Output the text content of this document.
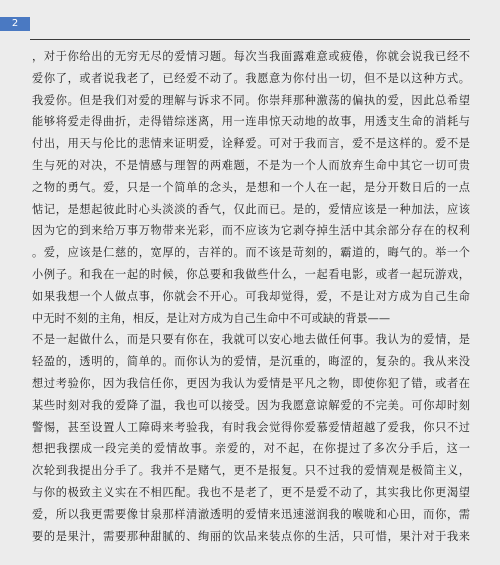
2
，对于你给出的无穷无尽的爱情习题。每次当我面露难意或疲倦，你就会说我已经不
爱你了，或者说我老了，已经爱不动了。我愿意为你付出一切，但不是以这种方式。
我爱你。但是我们对爱的理解与诉求不同。你崇拜那种激荡的偏执的爱，因此总希望
能够将爱走得曲折，走得错综迷离，用一连串惊天动地的故事，用透支生命的消耗与
付出，用天与伦比的悲情来证明爱，诠释爱。可对于我而言，爱不是这样的。爱不是
生与死的对决，不是情感与理智的两难题，不是为一个人而放弃生命中其它一切可贵
之物的勇气。爱，只是一个简单的念头，是想和一个人在一起，是分开数日后的一点
惦记，是想起彼此时心头淡淡的香气，仅此而已。是的，爱情应该是一种加法，应该
因为它的到来给万事万物带来光彩，而不应该为它剥夺掉生活中其余部分存在的权利
。爱，应该是仁慈的，宽厚的，吉祥的。而不该是苛刻的，霸道的，晦气的。举一个
小例子。和我在一起的时候，你总要和我做些什么，一起看电影，或者一起玩游戏，
如果我想一个人做点事，你就会不开心。可我却觉得，爱，不是让对方成为自己生命
中无时不刻的主角，相反，是让对方成为自己生命中不可或缺的背景——
不是一起做什么，而是只要有你在，我就可以安心地去做任何事。我认为的爱情，是
轻盈的，透明的，简单的。而你认为的爱情，是沉重的，晦涩的，复杂的。我从来没
想过考验你，因为我信任你，更因为我认为爱情是平凡之物，即使你犯了错，或者在
某些时刻对我的爱降了温，我也可以接受。因为我愿意谅解爱的不完美。可你却时刻
警惕，甚至设置人工障碍来考验我，有时我会觉得你爱慕爱情超越了爱我，你只不过
想把我摆成一段完美的爱情故事。亲爱的，对不起，在你提过了多次分手后，这一
次轮到我提出分手了。我并不是赌气，更不是报复。只不过我的爱情观是极简主义，
与你的极致主义实在不相匹配。我也不是老了，更不是爱不动了，其实我比你更渴望
爱，所以我更需要像甘泉那样清澈透明的爱情来迅速滋润我的喉咙和心田，而你，需
要的是果汁，需要那种甜腻的、绚丽的饮品来装点你的生活，只可惜，果汁对于我来
